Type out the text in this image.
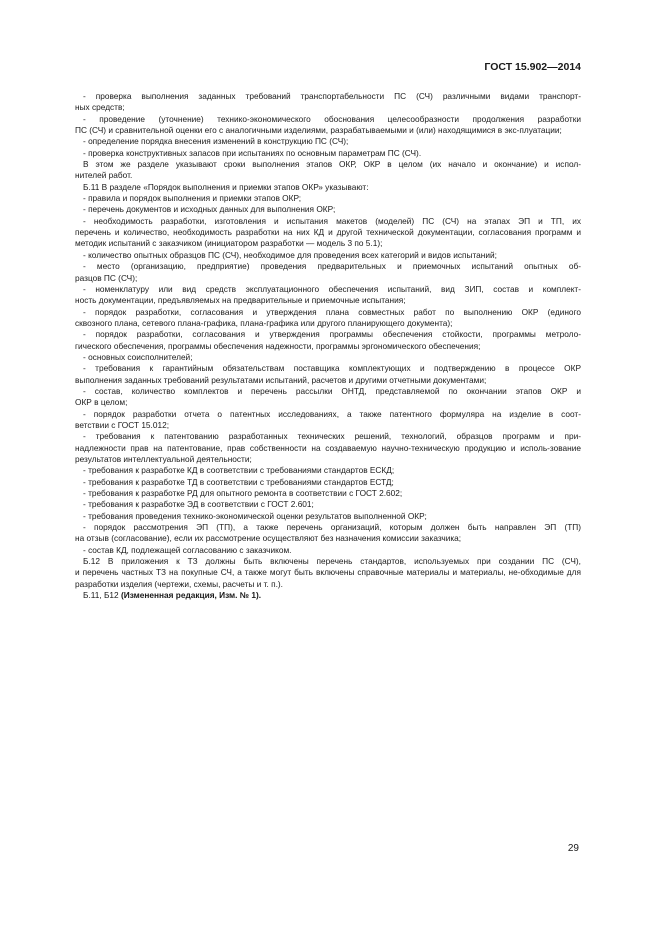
ГОСТ 15.902—2014
- проверка выполнения заданных требований транспортабельности ПС (СЧ) различными видами транспорт-
ных средств;
- проведение (уточнение) технико-экономического обоснования целесообразности продолжения разработки
ПС (СЧ) и сравнительной оценки его с аналогичными изделиями, разрабатываемыми и (или) находящимися в экс-плуатации;
- определение порядка внесения изменений в конструкцию ПС (СЧ);
- проверка конструктивных запасов при испытаниях по основным параметрам ПС (СЧ).
В этом же разделе указывают сроки выполнения этапов ОКР, ОКР в целом (их начало и окончание) и испол-
нителей работ.
Б.11 В разделе «Порядок выполнения и приемки этапов ОКР» указывают:
- правила и порядок выполнения и приемки этапов ОКР;
- перечень документов и исходных данных для выполнения ОКР;
- необходимость разработки, изготовления и испытания макетов (моделей) ПС (СЧ) на этапах ЭП и ТП, их
перечень и количество, необходимость разработки на них КД и другой технической документации, согласования программ и методик испытаний с заказчиком (инициатором разработки — модель 3 по 5.1);
- количество опытных образцов ПС (СЧ), необходимое для проведения всех категорий и видов испытаний;
- место (организацию, предприятие) проведения предварительных и приемочных испытаний опытных об-
разцов ПС (СЧ);
- номенклатуру или вид средств эксплуатационного обеспечения испытаний, вид ЗИП, состав и комплект-
ность документации, предъявляемых на предварительные и приемочные испытания;
- порядок разработки, согласования и утверждения плана совместных работ по выполнению ОКР (единого
сквозного плана, сетевого плана-графика, плана-графика или другого планирующего документа);
- порядок разработки, согласования и утверждения программы обеспечения стойкости, программы метроло-
гического обеспечения, программы обеспечения надежности, программы эргономического обеспечения;
- основных соисполнителей;
- требования к гарантийным обязательствам поставщика комплектующих и подтверждению в процессе ОКР
выполнения заданных требований результатами испытаний, расчетов и другими отчетными документами;
- состав, количество комплектов и перечень рассылки ОНТД, представляемой по окончании этапов ОКР и
ОКР в целом;
- порядок разработки отчета о патентных исследованиях, а также патентного формуляра на изделие в соот-
ветствии с ГОСТ 15.012;
- требования к патентованию разработанных технических решений, технологий, образцов программ и при-
надлежности прав на патентование, прав собственности на создаваемую научно-техническую продукцию и исполь-зование результатов интеллектуальной деятельности;
- требования к разработке КД в соответствии с требованиями стандартов ЕСКД;
- требования к разработке ТД в соответствии с требованиями стандартов ЕСТД;
- требования к разработке РД для опытного ремонта в соответствии с ГОСТ 2.602;
- требования к разработке ЭД в соответствии с ГОСТ 2.601;
- требования проведения технико-экономической оценки результатов выполненной ОКР;
- порядок рассмотрения ЭП (ТП), а также перечень организаций, которым должен быть направлен ЭП (ТП)
на отзыв (согласование), если их рассмотрение осуществляют без назначения комиссии заказчика;
- состав КД, подлежащей согласованию с заказчиком.
Б.12 В приложения к ТЗ должны быть включены перечень стандартов, используемых при создании ПС (СЧ),
и перечень частных ТЗ на покупные СЧ, а также могут быть включены справочные материалы и материалы, не-обходимые для разработки изделия (чертежи, схемы, расчеты и т. п.).
Б.11, Б12 (Измененная редакция, Изм. № 1).
29
